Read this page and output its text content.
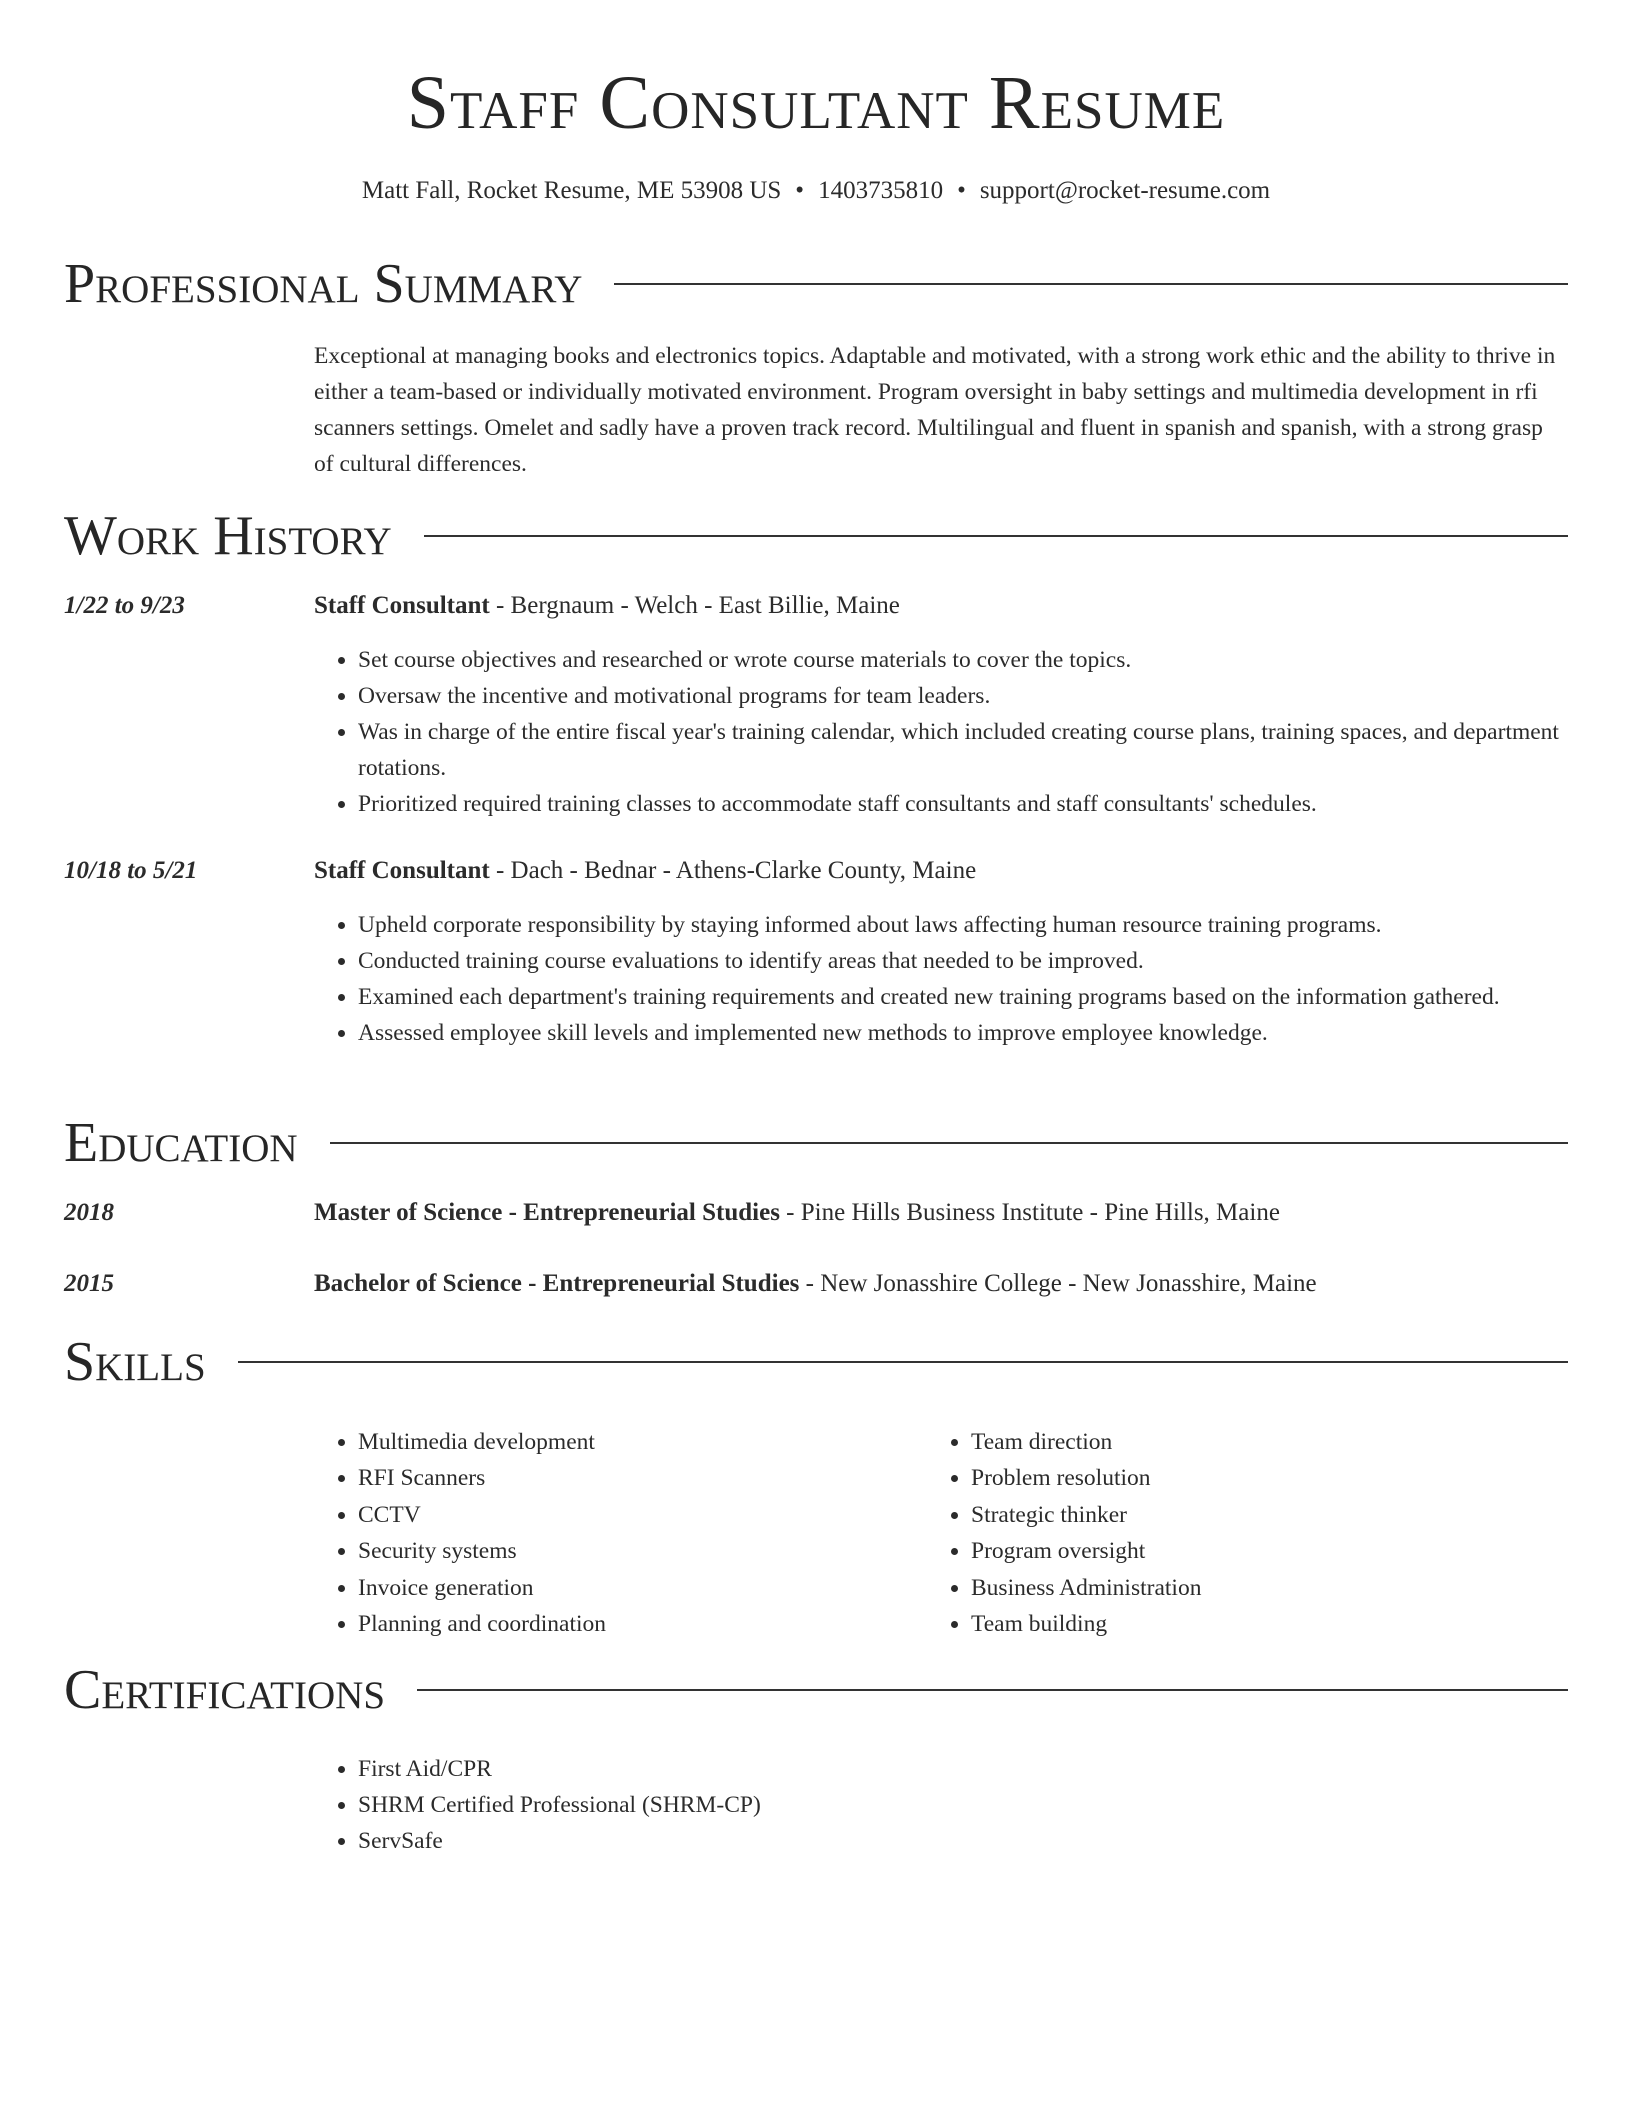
Staff Consultant Resume
Matt Fall, Rocket Resume, ME 53908 US • 1403735810 • support@rocket-resume.com
Professional Summary

Exceptional at managing books and electronics topics. Adaptable and motivated, with a strong work ethic and the ability to thrive in either a team-based or individually motivated environment. Program oversight in baby settings and multimedia development in rfi scanners settings. Omelet and sadly have a proven track record. Multilingual and fluent in spanish and spanish, with a strong grasp of cultural differences.

Work History
1/22 to 9/23	Staff Consultant - Bergnaum - Welch - East Billie, Maine
• Set course objectives and researched or wrote course materials to cover the topics.
• Oversaw the incentive and motivational programs for team leaders.
• Was in charge of the entire fiscal year's training calendar, which included creating course plans, training spaces, and department rotations.
• Prioritized required training classes to accommodate staff consultants and staff consultants' schedules.
10/18 to 5/21	Staff Consultant - Dach - Bednar - Athens-Clarke County, Maine
• Upheld corporate responsibility by staying informed about laws affecting human resource training programs.
• Conducted training course evaluations to identify areas that needed to be improved.
• Examined each department's training requirements and created new training programs based on the information gathered.
• Assessed employee skill levels and implemented new methods to improve employee knowledge.
Education
2018	Master of Science - Entrepreneurial Studies - Pine Hills Business Institute - Pine Hills, Maine
2015	Bachelor of Science - Entrepreneurial Studies - New Jonasshire College - New Jonasshire, Maine
Skills
• Multimedia development
• RFI Scanners
• CCTV
• Security systems
• Invoice generation
• Planning and coordination
• Team direction
• Problem resolution
• Strategic thinker
• Program oversight
• Business Administration
• Team building
Certifications
• First Aid/CPR
• SHRM Certified Professional (SHRM-CP)
• ServSafe
